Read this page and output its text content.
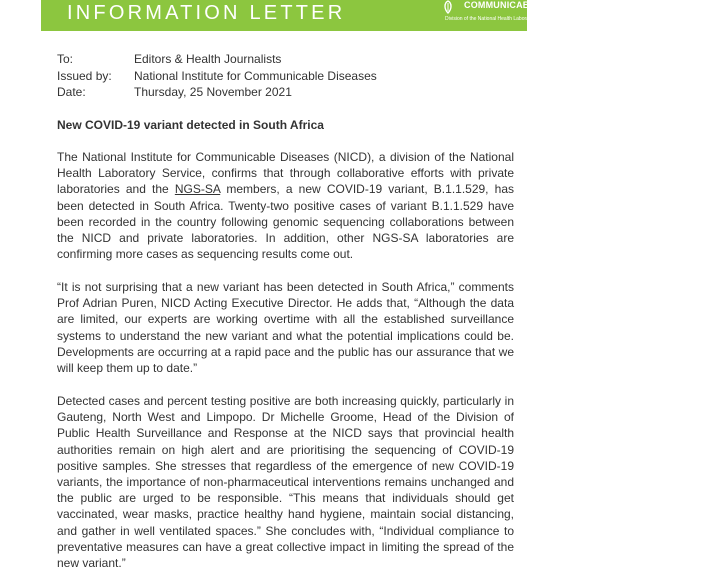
INFORMATION LETTER	COMMUNICABLE DISEASES
Division of the National Health Laboratory Service
To:	Editors & Health Journalists
Issued by: National Institute for Communicable Diseases
Date:	Thursday, 25 November 2021
New COVID-19 variant detected in South Africa

The National Institute for Communicable Diseases (NICD), a division of the National Health Laboratory Service, confirms that through collaborative efforts with private laboratories and the NGS-SA members, a new COVID-19 variant, B.1.1.529, has been detected in South Africa. Twenty-two positive cases of variant B.1.1.529 have been recorded in the country following genomic sequencing collaborations between the NICD and private laboratories. In addition, other NGS-SA laboratories are confirming more cases as sequencing results come out.

“It is not surprising that a new variant has been detected in South Africa,” comments Prof Adrian Puren, NICD Acting Executive Director. He adds that, “Although the data are limited, our experts are working overtime with all the established surveillance systems to understand the new variant and what the potential implications could be. Developments are occurring at a rapid pace and the public has our assurance that we will keep them up to date.”

Detected cases and percent testing positive are both increasing quickly, particularly in Gauteng, North West and Limpopo. Dr Michelle Groome, Head of the Division of Public Health Surveillance and Response at the NICD says that provincial health authorities remain on high alert and are prioritising the sequencing of COVID-19 positive samples. She stresses that regardless of the emergence of new COVID-19 variants, the importance of non-pharmaceutical interventions remains unchanged and the public are urged to be responsible. “This means that individuals should get vaccinated, wear masks, practice healthy hand hygiene, maintain social distancing, and gather in well ventilated spaces.” She concludes with, “Individual compliance to preventative measures can have a great collective impact in limiting the spread of the new variant.”
